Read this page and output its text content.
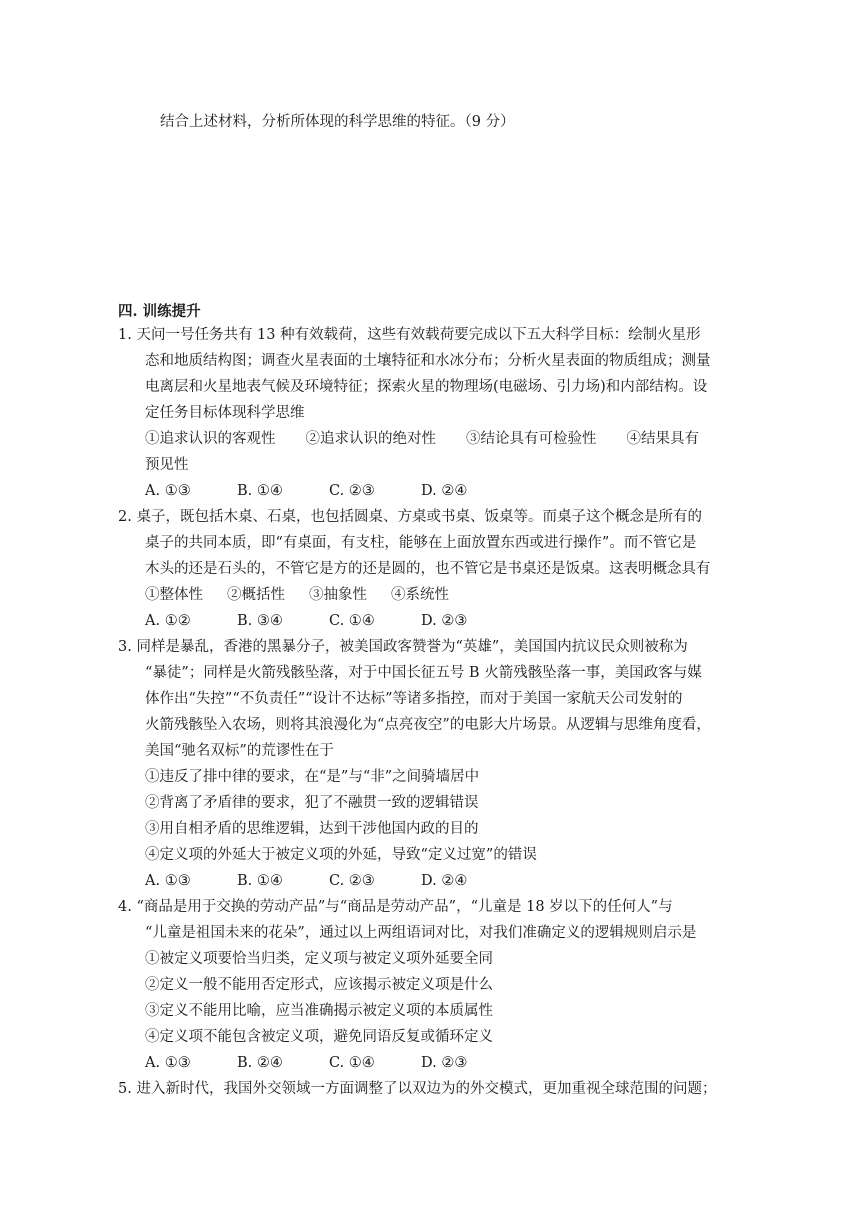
结合上述材料，分析所体现的科学思维的特征。（9 分）
四. 训练提升
1. 天问一号任务共有 13 种有效载荷，这些有效载荷要完成以下五大科学目标：绘制火星形
态和地质结构图；调查火星表面的土壤特征和水冰分布；分析火星表面的物质组成；测量
电离层和火星地表气候及环境特征；探索火星的物理场(电磁场、引力场)和内部结构。设
定任务目标体现科学思维
①追求认识的客观性 ②追求认识的绝对性 ③结论具有可检验性 ④结果具有
预见性
A. ①③	B. ①④	C. ②③	D. ②④
2. 桌子，既包括木桌、石桌，也包括圆桌、方桌或书桌、饭桌等。而桌子这个概念是所有的
桌子的共同本质，即“有桌面，有支柱，能够在上面放置东西或进行操作”。而不管它是
木头的还是石头的，不管它是方的还是圆的，也不管它是书桌还是饭桌。这表明概念具有
①整体性 ②概括性 ③抽象性 ④系统性
A. ①②	B. ③④	C. ①④	D. ②③
3. 同样是暴乱，香港的黑暴分子，被美国政客赞誉为“英雄”，美国国内抗议民众则被称为
“暴徒”；同样是火箭残骸坠落，对于中国长征五号 B 火箭残骸坠落一事，美国政客与媒
体作出“失控”“不负责任”“设计不达标”等诸多指控，而对于美国一家航天公司发射的
火箭残骸坠入农场，则将其浪漫化为“点亮夜空”的电影大片场景。从逻辑与思维角度看，
美国“驰名双标”的荒谬性在于
①违反了排中律的要求，在“是”与“非”之间骑墙居中
②背离了矛盾律的要求，犯了不融贯一致的逻辑错误
③用自相矛盾的思维逻辑，达到干涉他国内政的目的
④定义项的外延大于被定义项的外延，导致“定义过宽”的错误
A. ①③	B. ①④	C. ②③	D. ②④
4. “商品是用于交换的劳动产品”与“商品是劳动产品”，“儿童是 18 岁以下的任何人”与
“儿童是祖国未来的花朵”，通过以上两组语词对比，对我们准确定义的逻辑规则启示是
①被定义项要恰当归类，定义项与被定义项外延要全同
②定义一般不能用否定形式，应该揭示被定义项是什么
③定义不能用比喻，应当准确揭示被定义项的本质属性
④定义项不能包含被定义项，避免同语反复或循环定义
A. ①③	B. ②④	C. ①④	D. ②③
5. 进入新时代，我国外交领域一方面调整了以双边为的外交模式，更加重视全球范围的问题；
